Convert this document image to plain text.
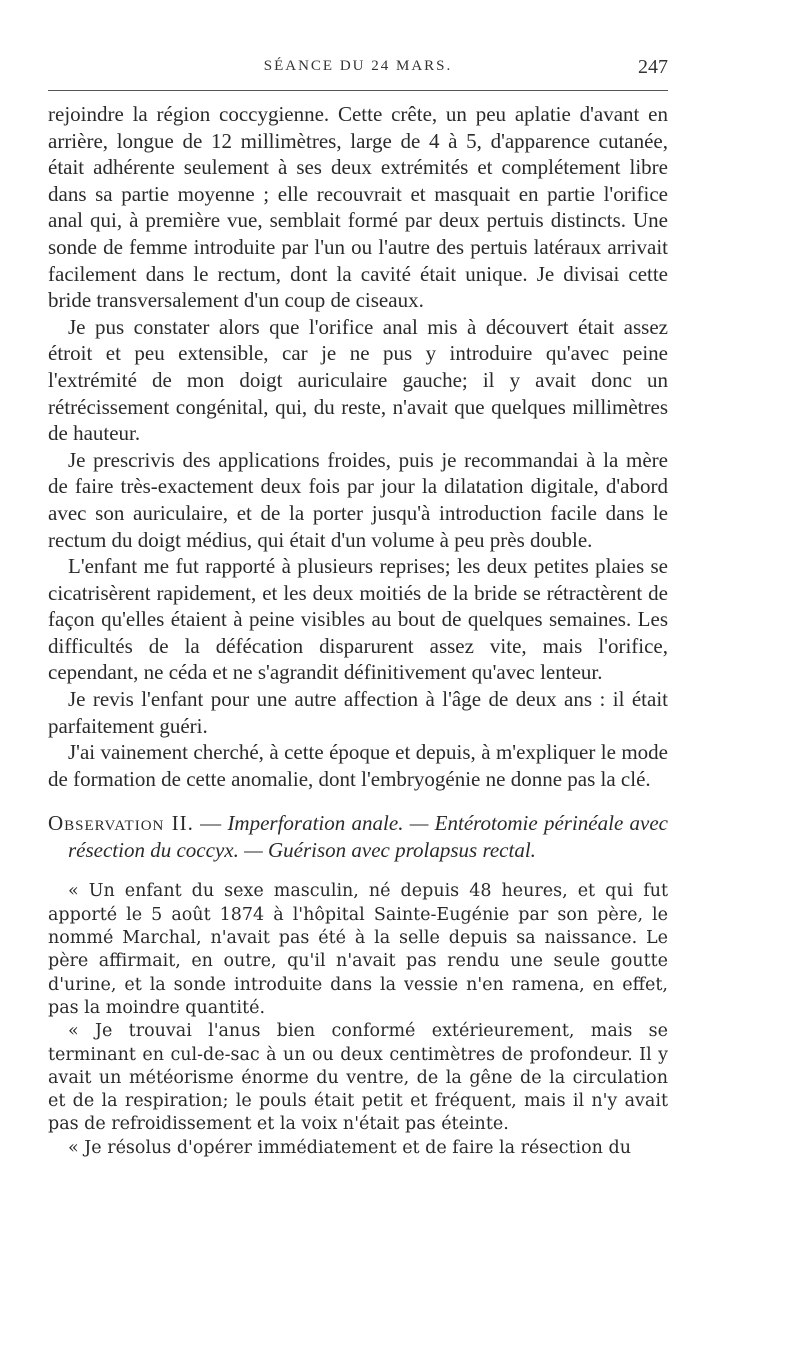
SÉANCE DU 24 MARS.	247

rejoindre la région coccygienne. Cette crête, un peu aplatie d'avant en arrière, longue de 12 millimètres, large de 4 à 5, d'apparence cutanée, était adhérente seulement à ses deux extrémités et complétement libre dans sa partie moyenne ; elle recouvrait et masquait en partie l'orifice anal qui, à première vue, semblait formé par deux pertuis distincts. Une sonde de femme introduite par l'un ou l'autre des pertuis latéraux arrivait facilement dans le rectum, dont la cavité était unique. Je divisai cette bride transversalement d'un coup de ciseaux.

Je pus constater alors que l'orifice anal mis à découvert était assez étroit et peu extensible, car je ne pus y introduire qu'avec peine l'extrémité de mon doigt auriculaire gauche; il y avait donc un rétrécissement congénital, qui, du reste, n'avait que quelques millimètres de hauteur.

Je prescrivis des applications froides, puis je recommandai à la mère de faire très-exactement deux fois par jour la dilatation digitale, d'abord avec son auriculaire, et de la porter jusqu'à introduction facile dans le rectum du doigt médius, qui était d'un volume à peu près double.

L'enfant me fut rapporté à plusieurs reprises; les deux petites plaies se cicatrisèrent rapidement, et les deux moitiés de la bride se rétractèrent de façon qu'elles étaient à peine visibles au bout de quelques semaines. Les difficultés de la défécation disparurent assez vite, mais l'orifice, cependant, ne céda et ne s'agrandit définitivement qu'avec lenteur.

Je revis l'enfant pour une autre affection à l'âge de deux ans : il était parfaitement guéri.

J'ai vainement cherché, à cette époque et depuis, à m'expliquer le mode de formation de cette anomalie, dont l'embryogénie ne donne pas la clé.

Observation II. — Imperforation anale. — Entérotomie périnéale avec résection du coccyx. — Guérison avec prolapsus rectal.

« Un enfant du sexe masculin, né depuis 48 heures, et qui fut apporté le 5 août 1874 à l'hôpital Sainte-Eugénie par son père, le nommé Marchal, n'avait pas été à la selle depuis sa naissance. Le père affirmait, en outre, qu'il n'avait pas rendu une seule goutte d'urine, et la sonde introduite dans la vessie n'en ramena, en effet, pas la moindre quantité.

« Je trouvai l'anus bien conformé extérieurement, mais se terminant en cul-de-sac à un ou deux centimètres de profondeur. Il y avait un météorisme énorme du ventre, de la gêne de la circulation et de la respiration; le pouls était petit et fréquent, mais il n'y avait pas de refroidissement et la voix n'était pas éteinte.

« Je résolus d'opérer immédiatement et de faire la résection du
